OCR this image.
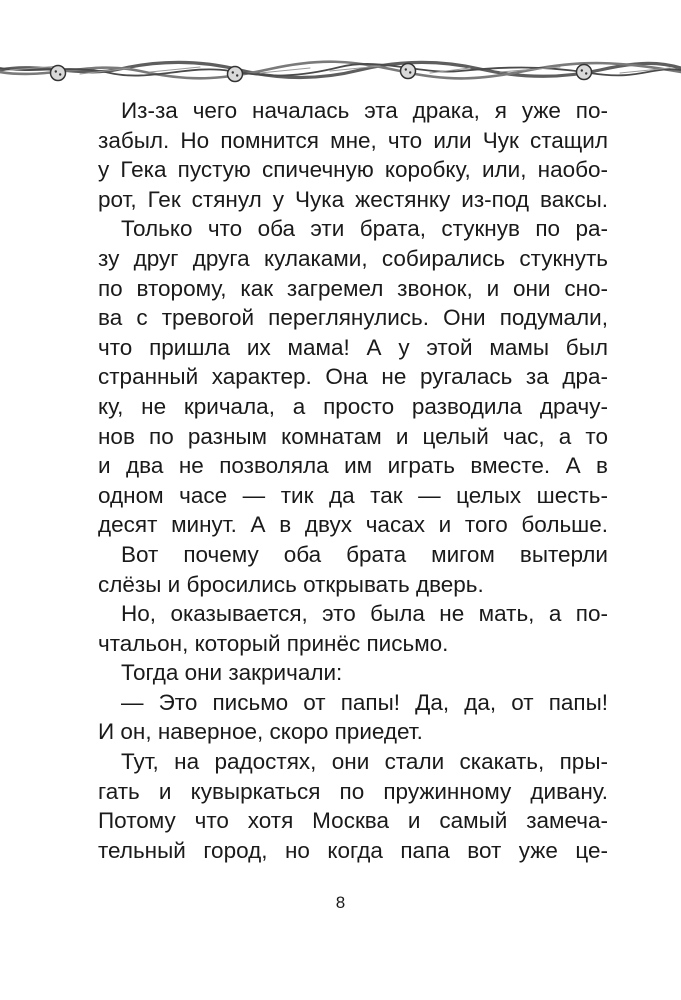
Из-за чего началась эта драка, я уже по-
забыл. Но помнится мне, что или Чук стащил
у Гека пустую спичечную коробку, или, наобо-
рот, Гек стянул у Чука жестянку из-под ваксы.
Только что оба эти брата, стукнув по ра-
зу друг друга кулаками, собирались стукнуть
по второму, как загремел звонок, и они сно-
ва с тревогой переглянулись. Они подумали,
что пришла их мама! А у этой мамы был
странный характер. Она не ругалась за дра-
ку, не кричала, а просто разводила драчу-
нов по разным комнатам и целый час, а то
и два не позволяла им играть вместе. А в
одном часе — тик да так — целых шесть-
десят минут. А в двух часах и того больше.
Вот почему оба брата мигом вытерли
слёзы и бросились открывать дверь.
Но, оказывается, это была не мать, а по-
чтальон, который принёс письмо.
Тогда они закричали:
— Это письмо от папы! Да, да, от папы!
И он, наверное, скоро приедет.
Тут, на радостях, они стали скакать, пры-
гать и кувыркаться по пружинному дивану.
Потому что хотя Москва и самый замеча-
тельный город, но когда папа вот уже це-
8
